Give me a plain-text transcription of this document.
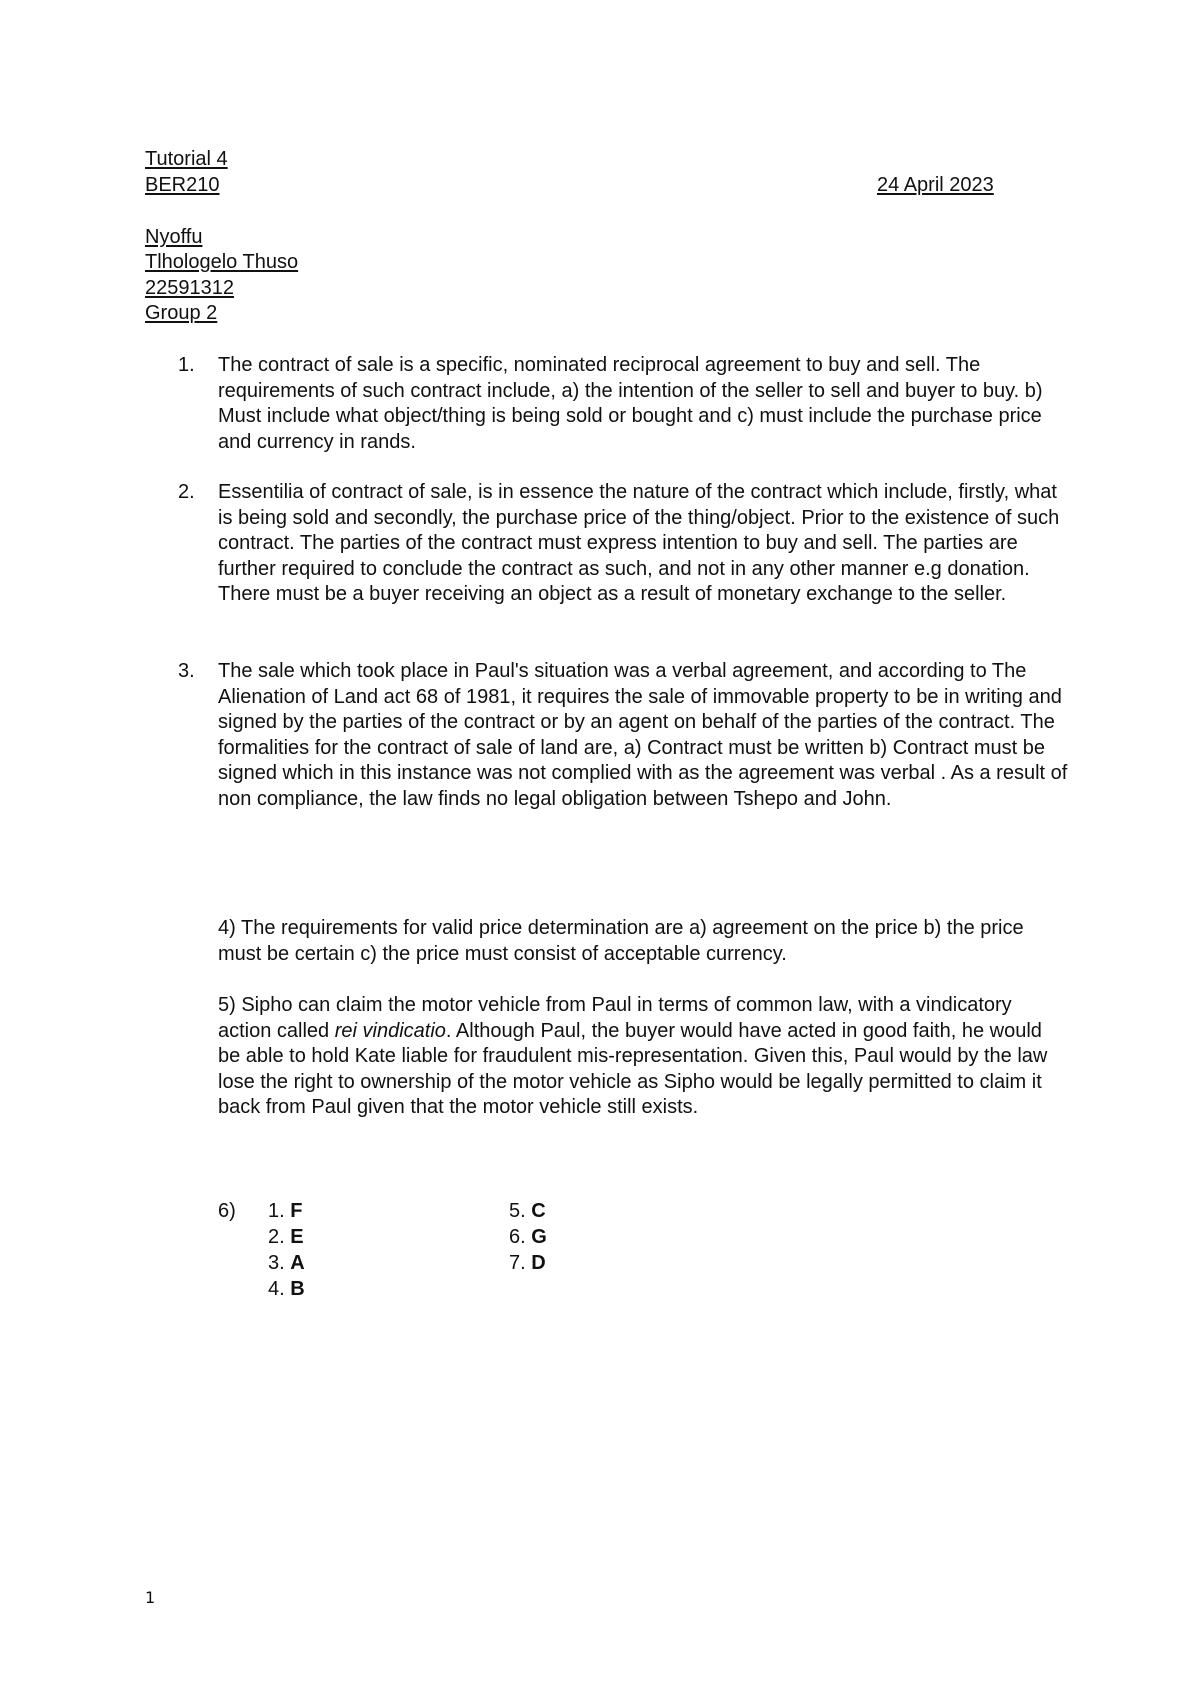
Tutorial 4
BER210	24 April 2023
Nyoffu
Tlhologelo Thuso
22591312
Group 2
1. The contract of sale is a specific, nominated reciprocal agreement to buy and sell. The requirements of such contract include, a) the intention of the seller to sell and buyer to buy. b) Must include what object/thing is being sold or bought and c) must include the purchase price and currency in rands.
2. Essentilia of contract of sale, is in essence the nature of the contract which include, firstly, what is being sold and secondly, the purchase price of the thing/object. Prior to the existence of such contract. The parties of the contract must express intention to buy and sell. The parties are further required to conclude the contract as such, and not in any other manner e.g donation. There must be a buyer receiving an object as a result of monetary exchange to the seller.
3. The sale which took place in Paul's situation was a verbal agreement, and according to The Alienation of Land act 68 of 1981, it requires the sale of immovable property to be in writing and signed by the parties of the contract or by an agent on behalf of the parties of the contract. The formalities for the contract of sale of land are, a) Contract must be written b) Contract must be signed which in this instance was not complied with as the agreement was verbal . As a result of non compliance, the law finds no legal obligation between Tshepo and John.
4) The requirements for valid price determination are a) agreement on the price b) the price must be certain c) the price must consist of acceptable currency.
5) Sipho can claim the motor vehicle from Paul in terms of common law, with a vindicatory action called rei vindicatio. Although Paul, the buyer would have acted in good faith, he would be able to hold Kate liable for fraudulent mis-representation. Given this, Paul would by the law lose the right to ownership of the motor vehicle as Sipho would be legally permitted to claim it back from Paul given that the motor vehicle still exists.
6) 1. F
2. E
3. A
4. B
5. C
6. G
7. D
1
